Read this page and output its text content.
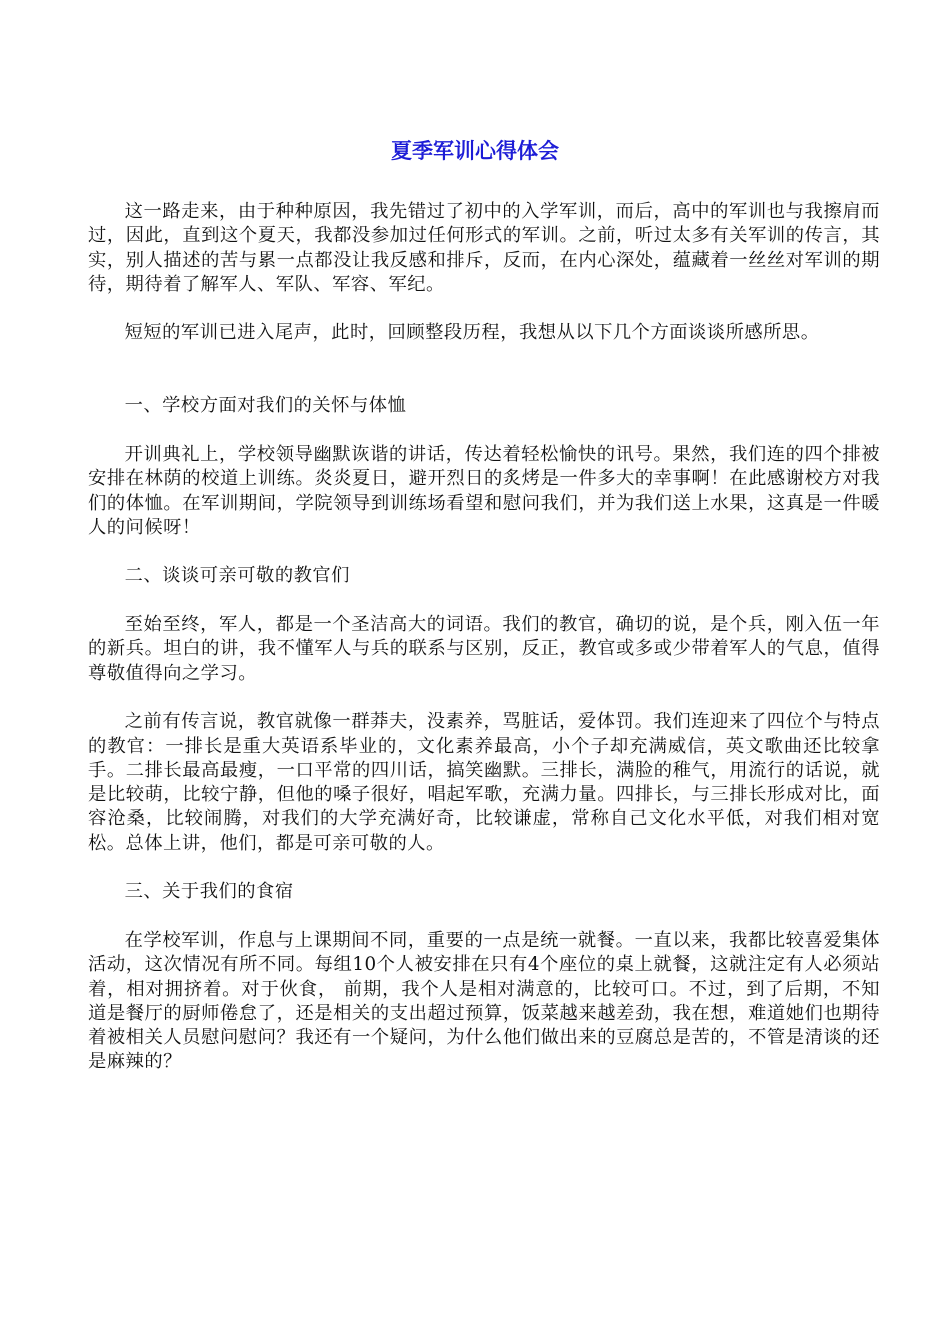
夏季军训心得体会

这一路走来，由于种种原因，我先错过了初中的入学军训，而后，高中的军训也与我擦肩而过，因此，直到这个夏天，我都没参加过任何形式的军训。之前，听过太多有关军训的传言，其实，别人描述的苦与累一点都没让我反感和排斥，反而，在内心深处，蕴藏着一丝丝对军训的期待，期待着了解军人、军队、军容、军纪。

短短的军训已进入尾声，此时，回顾整段历程，我想从以下几个方面谈谈所感所思。

一、学校方面对我们的关怀与体恤

开训典礼上，学校领导幽默诙谐的讲话，传达着轻松愉快的讯号。果然，我们连的四个排被安排在林荫的校道上训练。炎炎夏日，避开烈日的炙烤是一件多大的幸事啊！在此感谢校方对我们的体恤。在军训期间，学院领导到训练场看望和慰问我们，并为我们送上水果，这真是一件暖人的问候呀！

二、谈谈可亲可敬的教官们

至始至终，军人，都是一个圣洁高大的词语。我们的教官，确切的说，是个兵，刚入伍一年的新兵。坦白的讲，我不懂军人与兵的联系与区别，反正，教官或多或少带着军人的气息，值得尊敬值得向之学习。

之前有传言说，教官就像一群莽夫，没素养，骂脏话，爱体罚。我们连迎来了四位个与特点的教官：一排长是重大英语系毕业的，文化素养最高，小个子却充满威信，英文歌曲还比较拿手。二排长最高最瘦，一口平常的四川话，搞笑幽默。三排长，满脸的稚气，用流行的话说，就是比较萌，比较宁静，但他的嗓子很好，唱起军歌，充满力量。四排长，与三排长形成对比，面容沧桑，比较闹腾，对我们的大学充满好奇，比较谦虚，常称自己文化水平低，对我们相对宽松。总体上讲，他们，都是可亲可敬的人。

三、关于我们的食宿

在学校军训，作息与上课期间不同，重要的一点是统一就餐。一直以来，我都比较喜爱集体活动，这次情况有所不同。每组10个人被安排在只有4个座位的桌上就餐，这就注定有人必须站着，相对拥挤着。对于伙食， 前期，我个人是相对满意的，比较可口。不过，到了后期，不知道是餐厅的厨师倦怠了，还是相关的支出超过预算，饭菜越来越差劲，我在想，难道她们也期待着被相关人员慰问慰问？我还有一个疑问，为什么他们做出来的豆腐总是苦的，不管是清谈的还是麻辣的？
